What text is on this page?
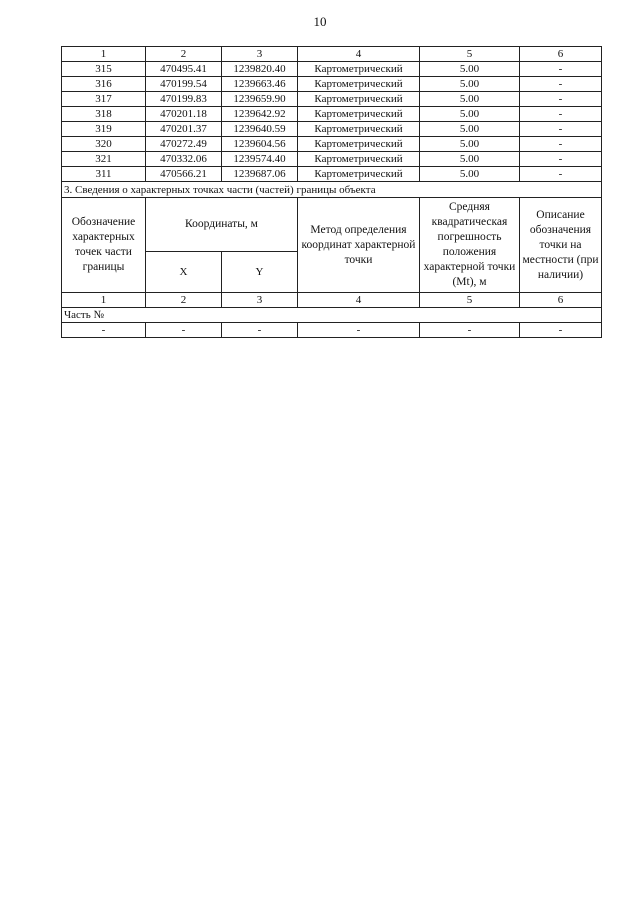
10
1	2	3	4	5	6
315	470495.41	1239820.40	Картометрический	5.00	-
316	470199.54	1239663.46	Картометрический	5.00	-
317	470199.83	1239659.90	Картометрический	5.00	-
318	470201.18	1239642.92	Картометрический	5.00	-
319	470201.37	1239640.59	Картометрический	5.00	-
320	470272.49	1239604.56	Картометрический	5.00	-
321	470332.06	1239574.40	Картометрический	5.00	-
311	470566.21	1239687.06	Картометрический	5.00	-
3. Сведения о характерных точках части (частей) границы объекта					
Обозначение характерных точек части границы	Координаты, м		Метод определения координат характерной точки	Средняя квадратическая погрешность положения характерной точки (Mt), м	Описание обозначения точки на местности (при наличии)
	X	Y			
1	2	3	4	5	6
Часть №					
-	-	-	-	-	-
